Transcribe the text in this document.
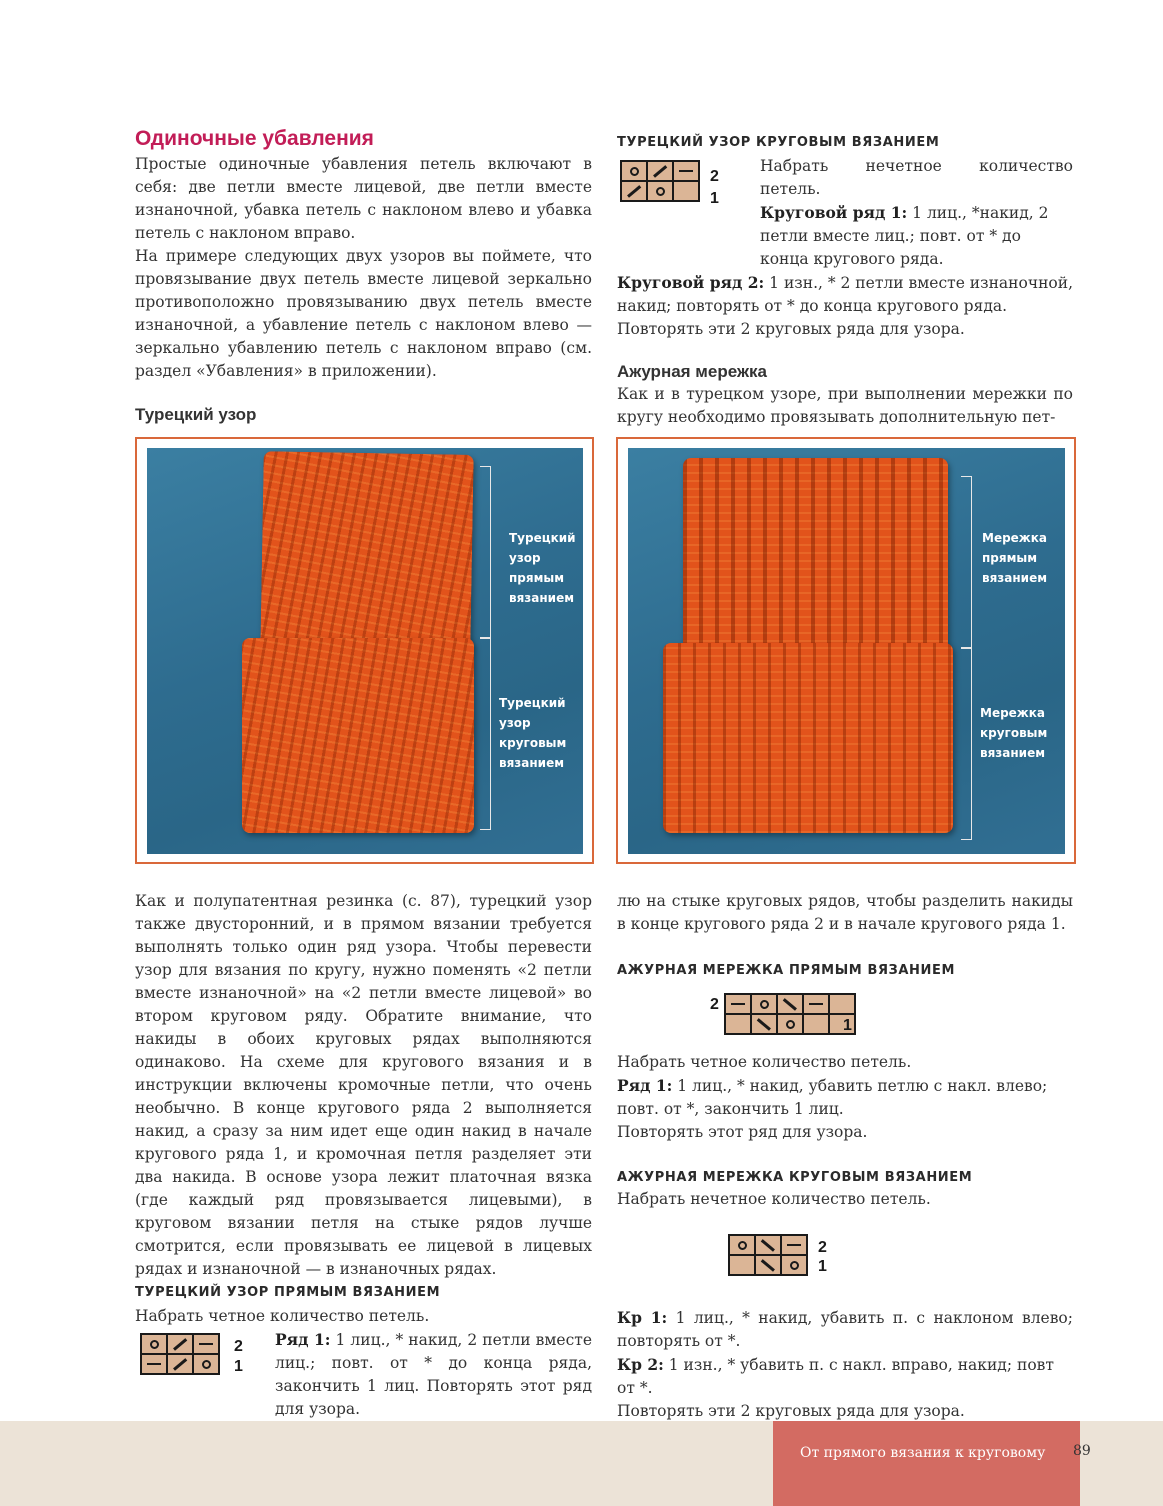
Одиночные убавления

Простые одиночные убавления петель включают в себя: две петли вместе лицевой, две петли вместе изнаночной, убавка петель с наклоном влево и убавка петель с наклоном вправо.

На примере следующих двух узоров вы поймете, что провязывание двух петель вместе лицевой зеркально противоположно провязыванию двух петель вместе изнаночной, а убавление петель с наклоном влево — зеркально убавлению петель с наклоном вправо (см. раздел «Убавления» в приложении).

Турецкий узор
ТУРЕЦКИЙ УЗОР КРУГОВЫМ ВЯЗАНИЕМ
2
1

Набрать нечетное количество петель.

Круговой ряд 1: 1 лиц., *накид, 2 петли вместе лиц.; повт. от * до конца кругового ряда.

Круговой ряд 2: 1 изн., * 2 петли вместе изнаночной, накид; повторять от * до конца кругового ряда.

Повторять эти 2 круговых ряда для узора.

Ажурная мережка

Как и в турецком узоре, при выполнении мережки по кругу необходимо провязывать дополнительную пет-

Турецкий
узор
прямым
вязанием
Турецкий
узор
круговым
вязанием
Мережка
прямым
вязанием
Мережка
круговым
вязанием

Как и полупатентная резинка (с. 87), турецкий узор также двусторонний, и в прямом вязании требуется выполнять только один ряд узора. Чтобы перевести узор для вязания по кругу, нужно поменять «2 петли вместе изнаночной» на «2 петли вместе лицевой» во втором круговом ряду. Обратите внимание, что накиды в обоих круговых рядах выполняются одинаково. На схеме для кругового вязания и в инструкции включены кромочные петли, что очень необычно. В конце кругового ряда 2 выполняется накид, а сразу за ним идет еще один накид в начале кругового ряда 1, и кромочная петля разделяет эти два накида. В основе узора лежит платочная вязка (где каждый ряд провязывается лицевыми), в круговом вязании петля на стыке рядов лучше смотрится, если провязывать ее лицевой в лицевых рядах и изнаночной — в изнаночных рядах.

ТУРЕЦКИЙ УЗОР ПРЯМЫМ ВЯЗАНИЕМ
Набрать четное количество петель.
2
1

Ряд 1: 1 лиц., * накид, 2 петли вместе лиц.; повт. от * до конца ряда, закончить 1 лиц. Повторять этот ряд для узора.

лю на стыке круговых рядов, чтобы разделить накиды в конце кругового ряда 2 и в начале кругового ряда 1.

АЖУРНАЯ МЕРЕЖКА ПРЯМЫМ ВЯЗАНИЕМ
2
1

Набрать четное количество петель.

Ряд 1: 1 лиц., * накид, убавить петлю с накл. влево; повт. от *, закончить 1 лиц.

Повторять этот ряд для узора.

АЖУРНАЯ МЕРЕЖКА КРУГОВЫМ ВЯЗАНИЕМ
Набрать нечетное количество петель.
2
1

Кр 1: 1 лиц., * накид, убавить п. с наклоном влево; повторять от *.

Кр 2: 1 изн., * убавить п. с накл. вправо, накид; повт от *.

Повторять эти 2 круговых ряда для узора.

От прямого вязания к круговому 89
